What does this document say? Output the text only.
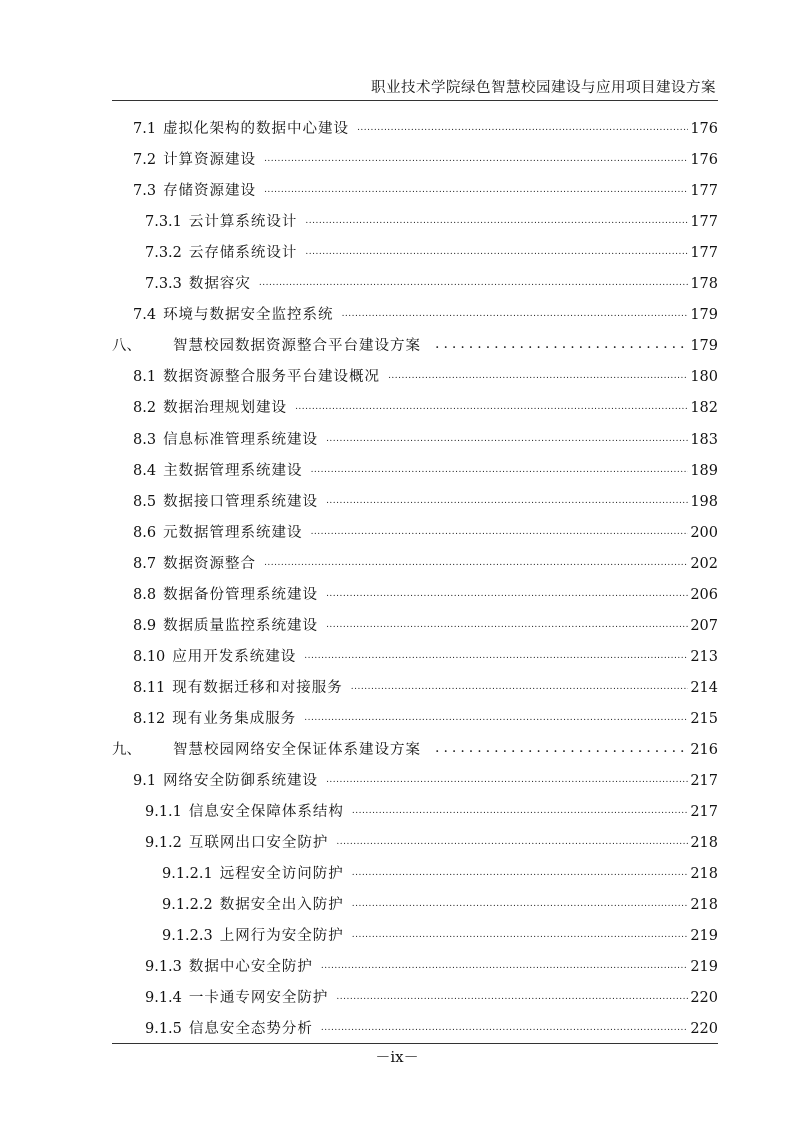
职业技术学院绿色智慧校园建设与应用项目建设方案
7.1 虚拟化架构的数据中心建设 .....	176
7.2 计算资源建设 .....	176
7.3 存储资源建设 .....	177
7.3.1 云计算系统设计 .....	177
7.3.2 云存储系统设计 .....	177
7.3.3 数据容灾 .....	178
7.4 环境与数据安全监控系统 .....	179
八、 智慧校园数据资源整合平台建设方案 .....	179
8.1 数据资源整合服务平台建设概况 .....	180
8.2 数据治理规划建设 .....	182
8.3 信息标准管理系统建设 .....	183
8.4 主数据管理系统建设 .....	189
8.5 数据接口管理系统建设 .....	198
8.6 元数据管理系统建设 .....	200
8.7 数据资源整合 .....	202
8.8 数据备份管理系统建设 .....	206
8.9 数据质量监控系统建设 .....	207
8.10 应用开发系统建设 .....	213
8.11 现有数据迁移和对接服务 .....	214
8.12 现有业务集成服务 .....	215
九、 智慧校园网络安全保证体系建设方案 .....	216
9.1 网络安全防御系统建设 .....	217
9.1.1 信息安全保障体系结构 .....	217
9.1.2 互联网出口安全防护 .....	218
9.1.2.1 远程安全访问防护 .....	218
9.1.2.2 数据安全出入防护 .....	218
9.1.2.3 上网行为安全防护 .....	219
9.1.3 数据中心安全防护 .....	219
9.1.4 一卡通专网安全防护 .....	220
9.1.5 信息安全态势分析 .....	220
－ix－
